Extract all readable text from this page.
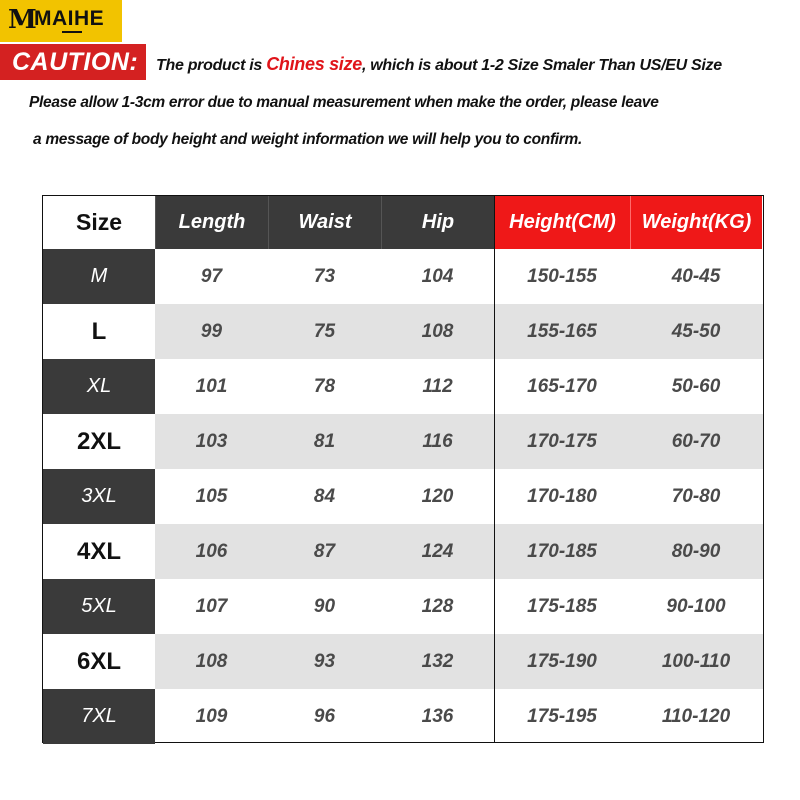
M
MAIHE
CAUTION: The product is Chines size, which is about 1-2 Size Smaler Than US/EU Size
Please allow 1-3cm error due to manual measurement when make the order, please leave
a message of body height and weight information we will help you to confirm.
Size	Length	Waist	Hip	Height(CM)	Weight(KG)
M	97	73	104	150-155	40-45
L	99	75	108	155-165	45-50
XL	101	78	112	165-170	50-60
2XL	103	81	116	170-175	60-70
3XL	105	84	120	170-180	70-80
4XL	106	87	124	170-185	80-90
5XL	107	90	128	175-185	90-100
6XL	108	93	132	175-190	100-110
7XL	109	96	136	175-195	110-120
